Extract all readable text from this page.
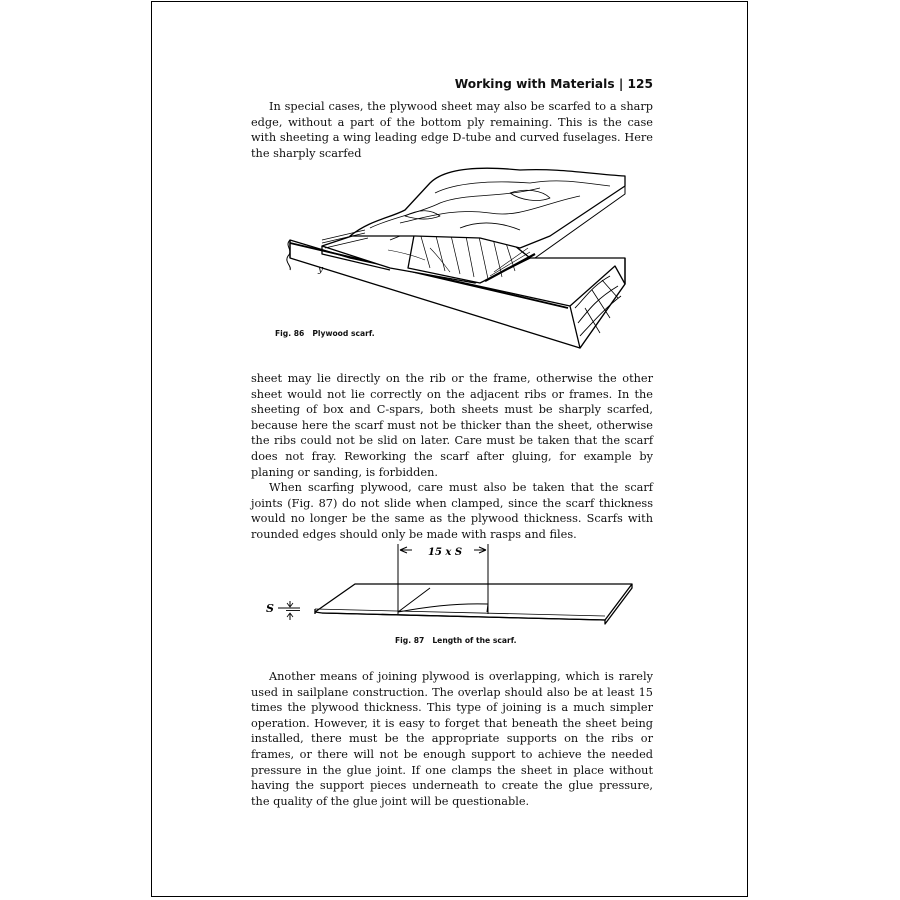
Working with Materials | 125

In special cases, the plywood sheet may also be scarfed to a sharp edge, without a part of the bottom ply remaining. This is the case with sheeting a wing leading edge D-tube and curved fuselages. Here the sharply scarfed

y
Fig. 86 Plywood scarf.

sheet may lie directly on the rib or the frame, otherwise the other sheet would not lie correctly on the adjacent ribs or frames. In the sheeting of box and C-spars, both sheets must be sharply scarfed, because here the scarf must not be thicker than the sheet, otherwise the ribs could not be slid on later. Care must be taken that the scarf does not fray. Reworking the scarf after gluing, for example by planing or sanding, is forbidden.

When scarfing plywood, care must also be taken that the scarf joints (Fig. 87) do not slide when clamped, since the scarf thickness would no longer be the same as the plywood thickness. Scarfs with rounded edges should only be made with rasps and files.

15 x S
S
Fig. 87 Length of the scarf.

Another means of joining plywood is overlapping, which is rarely used in sailplane construction. The overlap should also be at least 15 times the plywood thickness. This type of joining is a much simpler operation. However, it is easy to forget that beneath the sheet being installed, there must be the appropriate supports on the ribs or frames, or there will not be enough support to achieve the needed pressure in the glue joint. If one clamps the sheet in place without having the support pieces underneath to create the glue pressure, the quality of the glue joint will be questionable.
